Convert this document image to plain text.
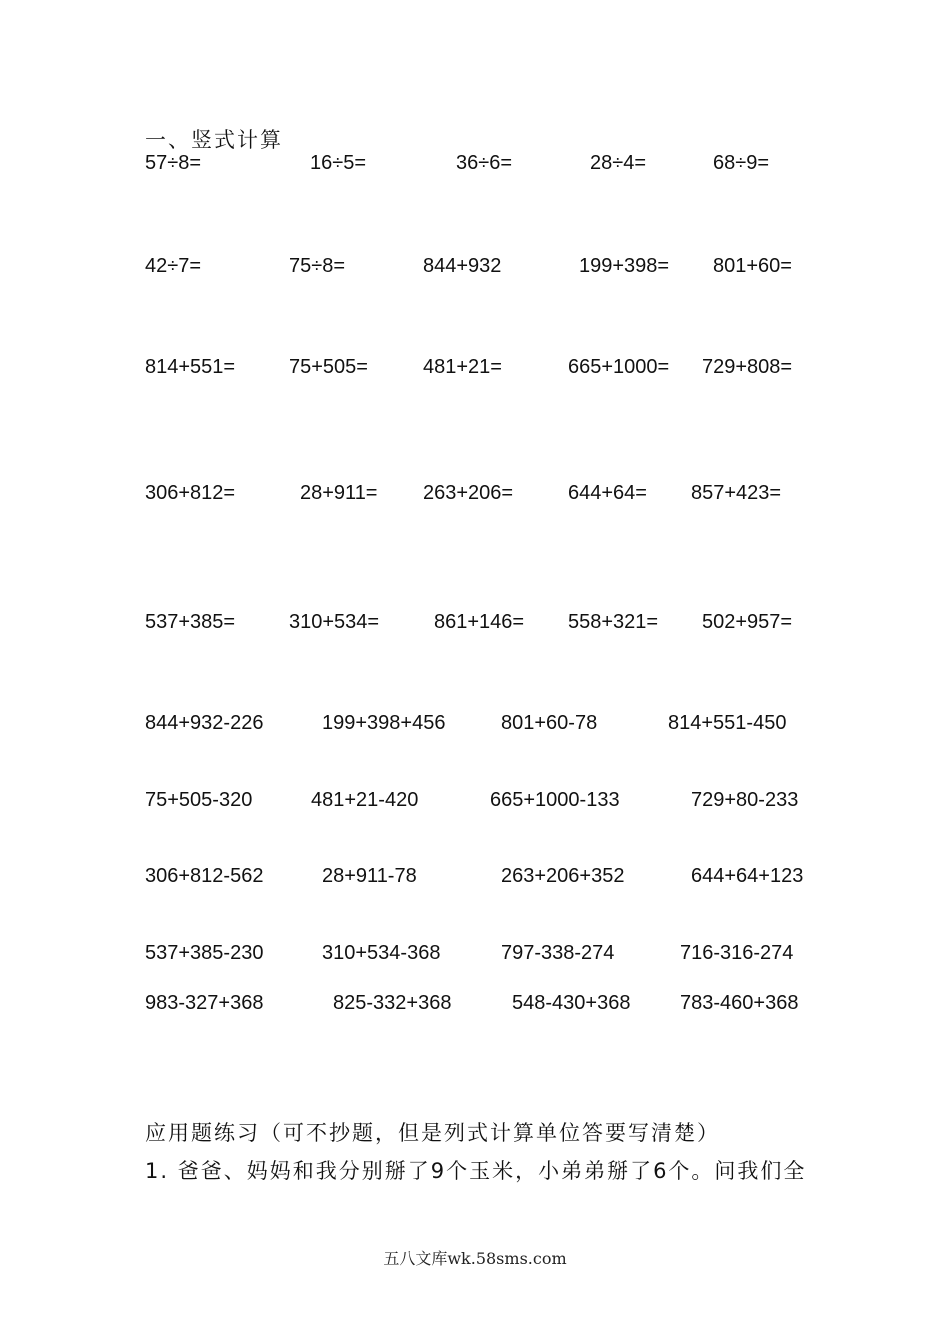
一、竖式计算
57÷8=	16÷5=	36÷6=	28÷4=	68÷9=
42÷7=	75÷8=	844+932	199+398= 801+60=
814+551=	75+505=	481+21=	665+1000= 729+808=
306+812=	28+911= 263+206=	644+64= 857+423=
537+385=	310+534=	861+146= 558+321= 502+957=
844+932-226	199+398+456	801+60-78	814+551-450
75+505-320	481+21-420	665+1000-133	729+80-233
306+812-562	28+911-78	263+206+352	644+64+123
537+385-230	310+534-368	797-338-274	716-316-274
983-327+368	825-332+368	548-430+368 783-460+368
应用题练习（可不抄题，但是列式计算单位答要写清楚）
1. 爸爸、妈妈和我分别掰了9个玉米，小弟弟掰了6个。问我们全
五八文库wk.58sms.com
